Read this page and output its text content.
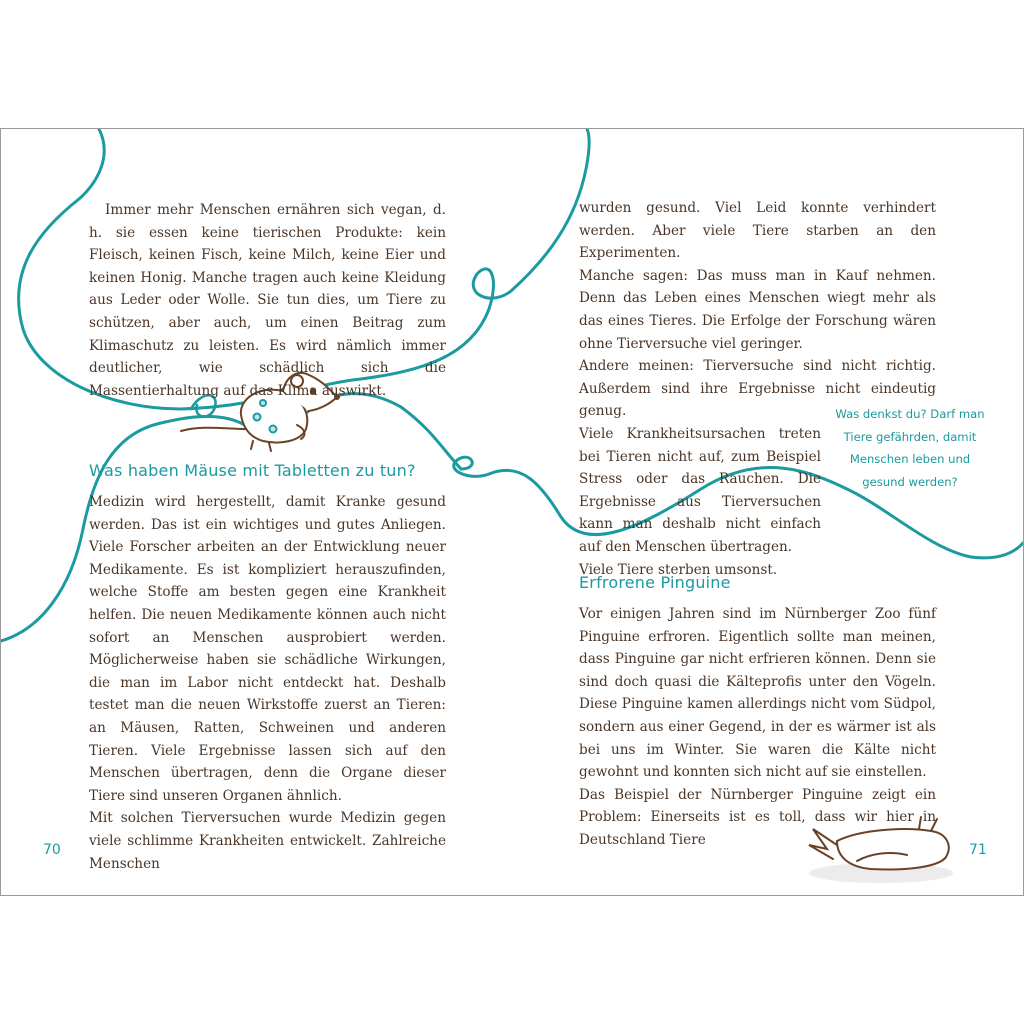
Immer mehr Menschen ernähren sich vegan, d. h. sie essen keine tierischen Produkte: kein Fleisch, keinen Fisch, keine Milch, keine Eier und keinen Honig. Manche tragen auch keine Kleidung aus Leder oder Wolle. Sie tun dies, um Tiere zu schützen, aber auch, um einen Beitrag zum Klimaschutz zu leisten. Es wird nämlich immer deutlicher, wie schädlich sich die Massentierhaltung auf das Klima auswirkt.

Was haben Mäuse mit Tabletten zu tun?

Medizin wird hergestellt, damit Kranke gesund werden. Das ist ein wichtiges und gutes Anliegen. Viele Forscher arbeiten an der Entwicklung neuer Medikamente. Es ist kompliziert herauszufinden, welche Stoffe am besten gegen eine Krankheit helfen. Die neuen Medikamente können auch nicht sofort an Menschen ausprobiert werden. Möglicherweise haben sie schädliche Wirkungen, die man im Labor nicht entdeckt hat. Deshalb testet man die neuen Wirkstoffe zuerst an Tieren: an Mäusen, Ratten, Schweinen und anderen Tieren. Viele Ergebnisse lassen sich auf den Menschen übertragen, denn die Organe dieser Tiere sind unseren Organen ähnlich.

Mit solchen Tierversuchen wurde Medizin gegen viele schlimme Krankheiten entwickelt. Zahlreiche Menschen

70

wurden gesund. Viel Leid konnte verhindert werden. Aber viele Tiere starben an den Experimenten.

Manche sagen: Das muss man in Kauf nehmen. Denn das Leben eines Menschen wiegt mehr als das eines Tieres. Die Erfolge der Forschung wären ohne Tierversuche viel geringer.

Andere meinen: Tierversuche sind nicht richtig. Außerdem sind ihre Ergebnisse nicht eindeutig genug.

Viele Krankheitsursachen treten bei Tieren nicht auf, zum Beispiel Stress oder das Rauchen. Die Ergebnisse aus Tierversuchen kann man deshalb nicht einfach auf den Menschen übertragen.

Viele Tiere sterben umsonst.

Was denkst du? Darf man Tiere gefährden, damit Menschen leben und gesund werden?
Erfrorene Pinguine

Vor einigen Jahren sind im Nürnberger Zoo fünf Pinguine erfroren. Eigentlich sollte man meinen, dass Pinguine gar nicht erfrieren können. Denn sie sind doch quasi die Kälteprofis unter den Vögeln. Diese Pinguine kamen allerdings nicht vom Südpol, sondern aus einer Gegend, in der es wärmer ist als bei uns im Winter. Sie waren die Kälte nicht gewohnt und konnten sich nicht auf sie einstellen.

Das Beispiel der Nürnberger Pinguine zeigt ein Problem: Einerseits ist es toll, dass wir hier in Deutschland Tiere

71
